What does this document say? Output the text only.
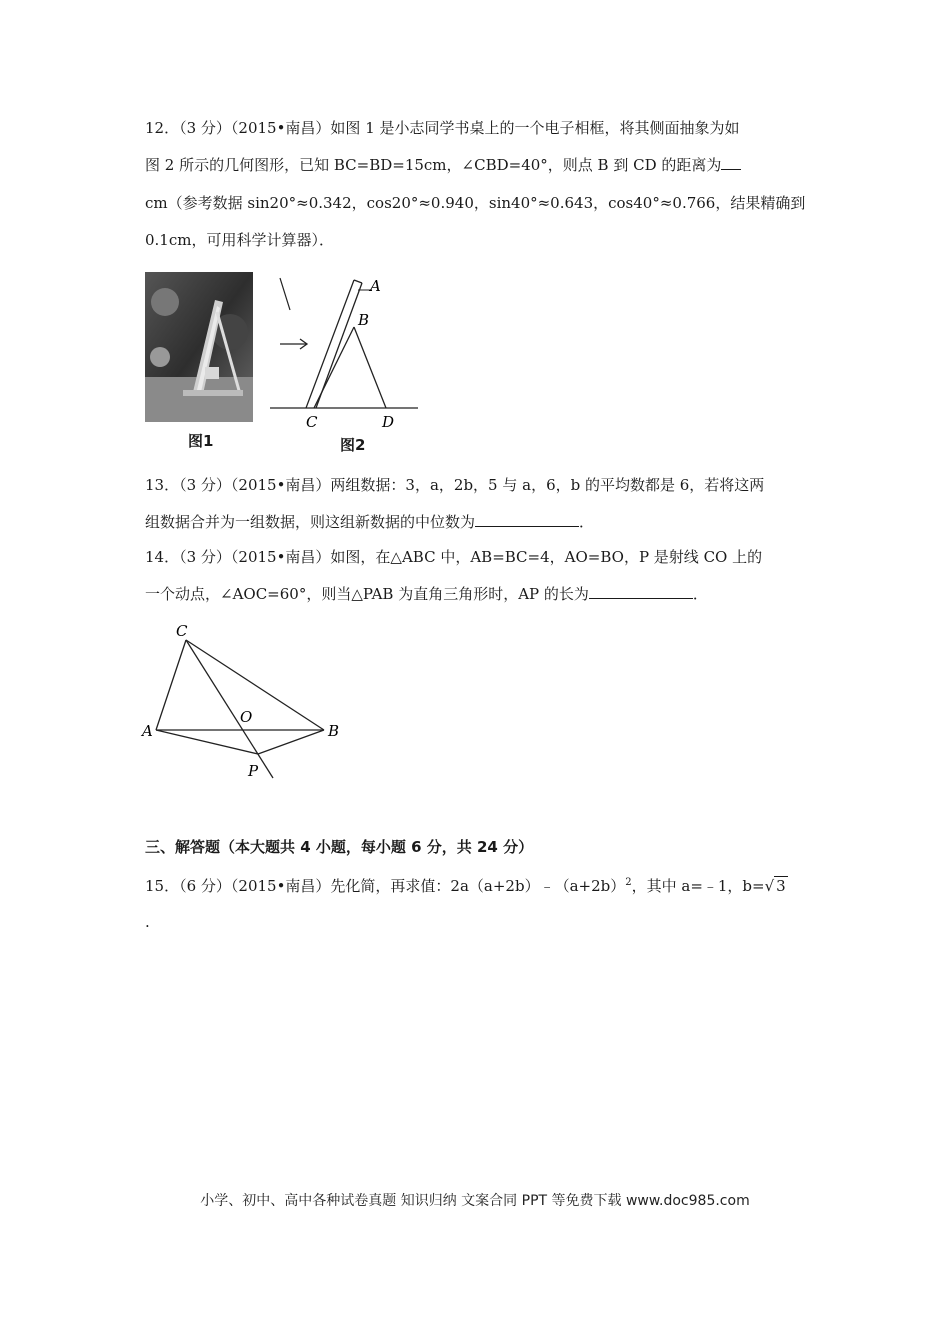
12．（3 分）（2015•南昌）如图 1 是小志同学书桌上的一个电子相框，将其侧面抽象为如
图 2 所示的几何图形，已知 BC=BD=15cm，∠CBD=40°，则点 B 到 CD 的距离为
cm（参考数据 sin20°≈0.342，cos20°≈0.940，sin40°≈0.643，cos40°≈0.766，结果精确到
0.1cm，可用科学计算器）．
图1
A
B
C	D
图2
13．（3 分）（2015•南昌）两组数据：3，a，2b，5 与 a，6，b 的平均数都是 6，若将这两
组数据合并为一组数据，则这组新数据的中位数为	．
14．（3 分）（2015•南昌）如图，在△ABC 中，AB=BC=4，AO=BO，P 是射线 CO 上的
一个动点，∠AOC=60°，则当△PAB 为直角三角形时，AP 的长为	．
C
A	B
O
P
三、解答题（本大题共 4 小题，每小题 6 分，共 24 分）
15．（6 分）（2015•南昌）先化简，再求值：$2a(a+2b)﹣(a+2b)^2$，其中 a=﹣1，b=√ 3
.
小学、初中、高中各种试卷真题 知识归纳 文案合同 PPT 等免费下载 www.doc985.com
